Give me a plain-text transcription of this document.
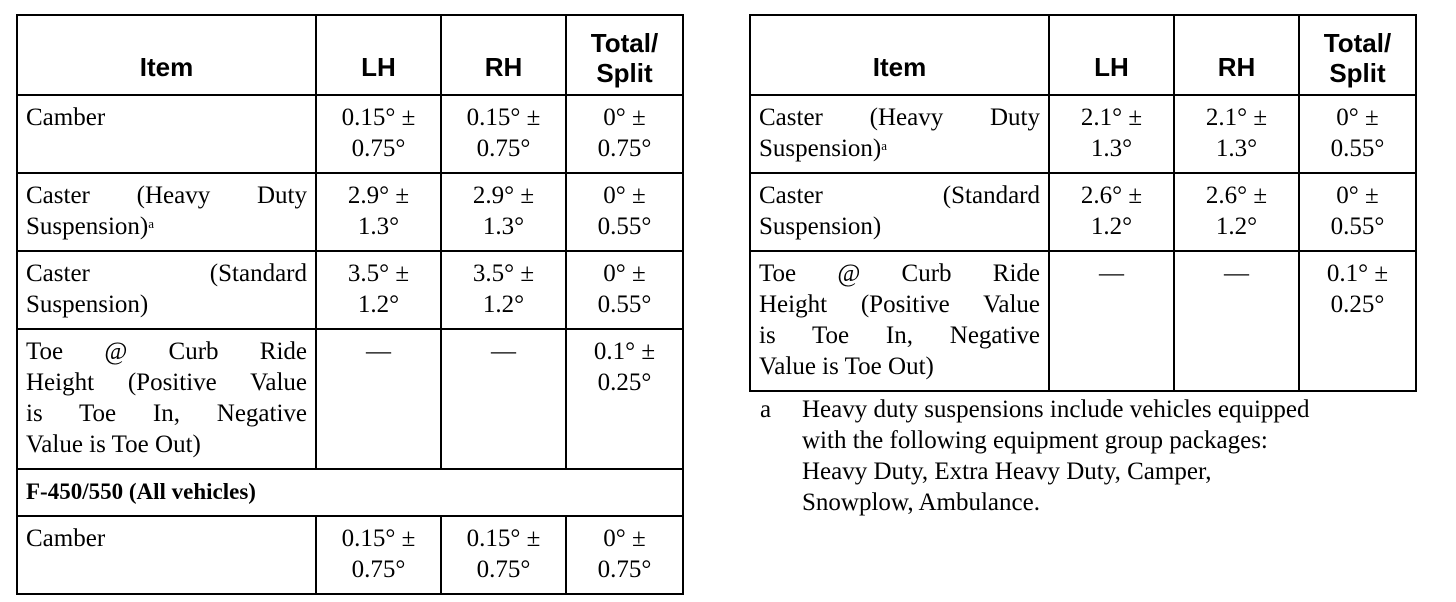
Item	LH	RH	Total/
Split
Camber	0.15° ±
0.75°	0.15° ±
0.75°	0° ±
0.75°
Caster (Heavy Duty
Suspension)$^a$	2.9° ±
1.3°	2.9° ±
1.3°	0° ±
0.55°
Caster (Standard
Suspension)	3.5° ±
1.2°	3.5° ±
1.2°	0° ±
0.55°
Toe @ Curb Ride
Height (Positive Value
is Toe In, Negative
Value is Toe Out)	—	—	0.1° ±
0.25°
F-450/550 (All vehicles)			
Camber	0.15° ±
0.75°	0.15° ±
0.75°	0° ±
0.75°
Item	LH	RH	Total/
Split
Caster (Heavy Duty
Suspension)$^a$	2.1° ±
1.3°	2.1° ±
1.3°	0° ±
0.55°
Caster (Standard
Suspension)	2.6° ±
1.2°	2.6° ±
1.2°	0° ±
0.55°
Toe @ Curb Ride
Height (Positive Value
is Toe In, Negative
Value is Toe Out)	—	—	0.1° ±
0.25°
a Heavy duty suspensions include vehicles equipped
with the following equipment group packages:
Heavy Duty, Extra Heavy Duty, Camper,
Snowplow, Ambulance.
